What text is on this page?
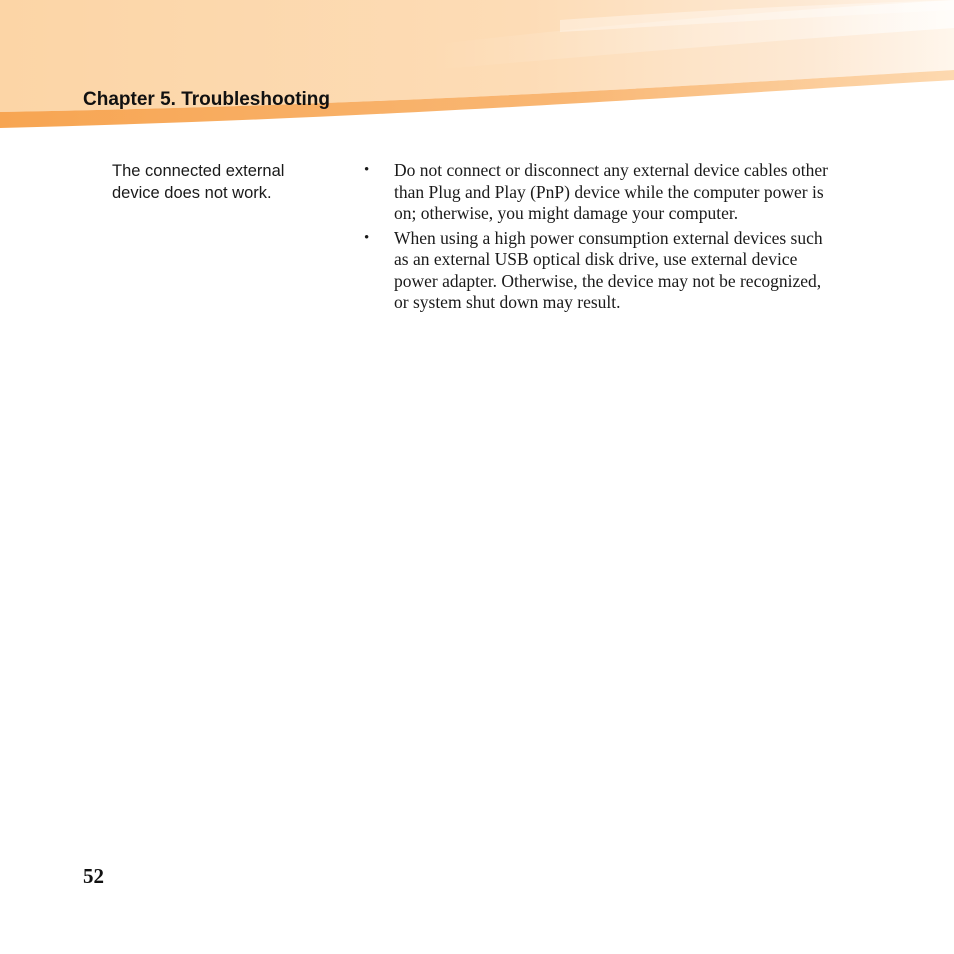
Chapter 5. Troubleshooting

The connected external device does not work.

• Do not connect or disconnect any external device cables other than Plug and Play (PnP) device while the computer power is on; otherwise, you might damage your computer.
• When using a high power consumption external devices such as an external USB optical disk drive, use external device power adapter. Otherwise, the device may not be recognized, or system shut down may result.

52
